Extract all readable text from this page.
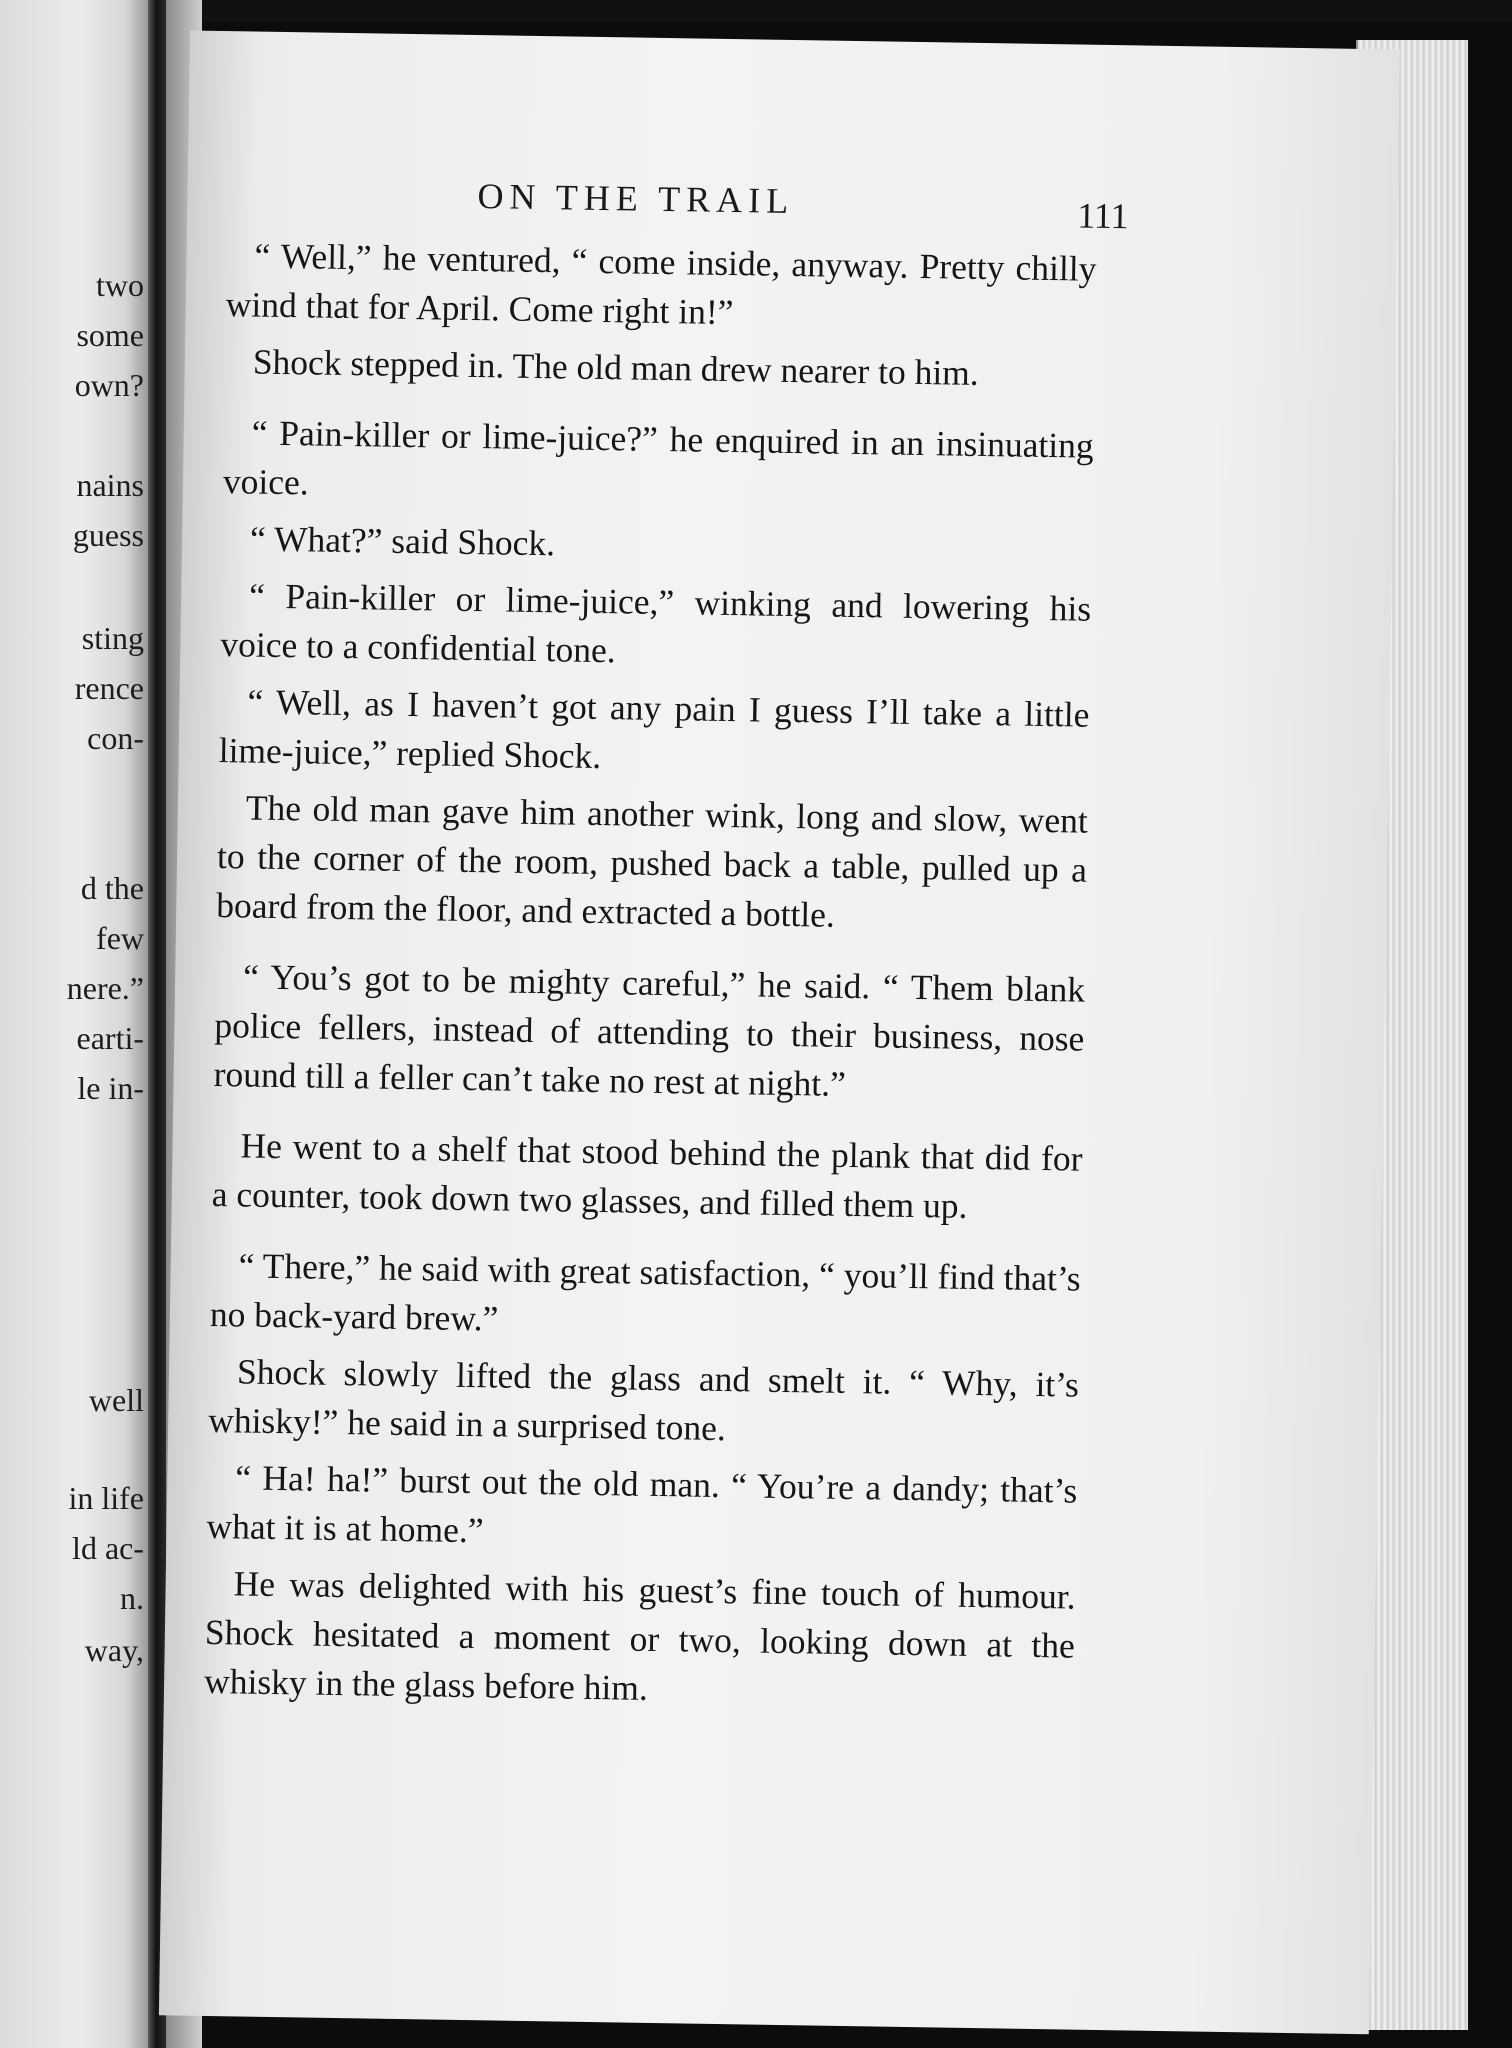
two
some
own?
nains
guess
sting
rence
con-
d the
few
nere.”
earti-
le in-
well
in life
ld ac-
n.
way,
ON THE TRAIL	111

“ Well,” he ventured, “ come inside, anyway. Pretty chilly wind that for April. Come right in!”

Shock stepped in. The old man drew nearer to him.

“ Pain-killer or lime-juice?” he enquired in an insinuating voice.

“ What?” said Shock.

“ Pain-killer or lime-juice,” winking and lowering his voice to a confidential tone.

“ Well, as I haven’t got any pain I guess I’ll take a little lime-juice,” replied Shock.

The old man gave him another wink, long and slow, went to the corner of the room, pushed back a table, pulled up a board from the floor, and extracted a bottle.

“ You’s got to be mighty careful,” he said. “ Them blank police fellers, instead of attending to their business, nose round till a feller can’t take no rest at night.”

He went to a shelf that stood behind the plank that did for a counter, took down two glasses, and filled them up.

“ There,” he said with great satisfaction, “ you’ll find that’s no back-yard brew.”

Shock slowly lifted the glass and smelt it. “ Why, it’s whisky!” he said in a surprised tone.

“ Ha! ha!” burst out the old man. “ You’re a dandy; that’s what it is at home.”

He was delighted with his guest’s fine touch of humour. Shock hesitated a moment or two, looking down at the whisky in the glass before him.
